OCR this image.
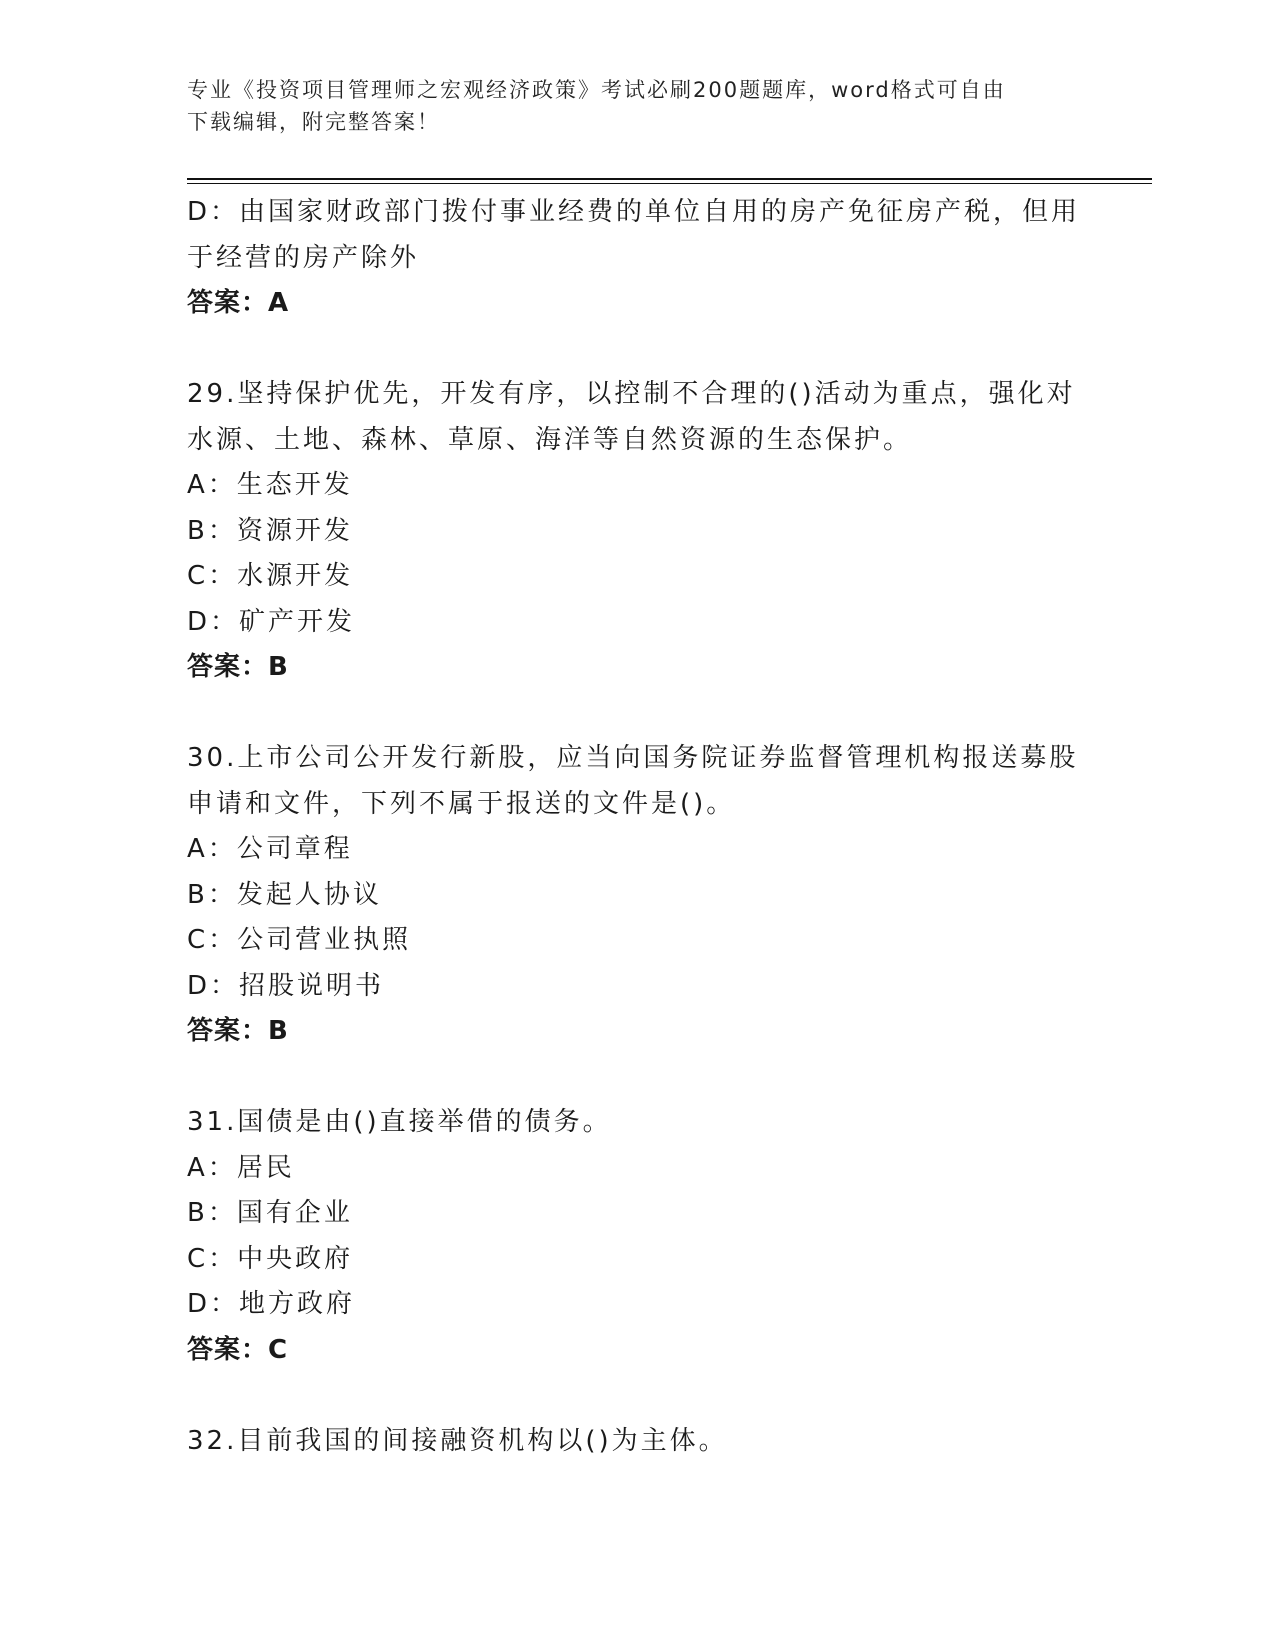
专业《投资项目管理师之宏观经济政策》考试必刷200题题库，word格式可自由
下载编辑，附完整答案！
D：由国家财政部门拨付事业经费的单位自用的房产免征房产税，但用
于经营的房产除外
答案：A
29.坚持保护优先，开发有序，以控制不合理的()活动为重点，强化对
水源、土地、森林、草原、海洋等自然资源的生态保护。
A：生态开发
B：资源开发
C：水源开发
D：矿产开发
答案：B
30.上市公司公开发行新股，应当向国务院证券监督管理机构报送募股
申请和文件，下列不属于报送的文件是()。
A：公司章程
B：发起人协议
C：公司营业执照
D：招股说明书
答案：B
31.国债是由()直接举借的债务。
A：居民
B：国有企业
C：中央政府
D：地方政府
答案：C
32.目前我国的间接融资机构以()为主体。
